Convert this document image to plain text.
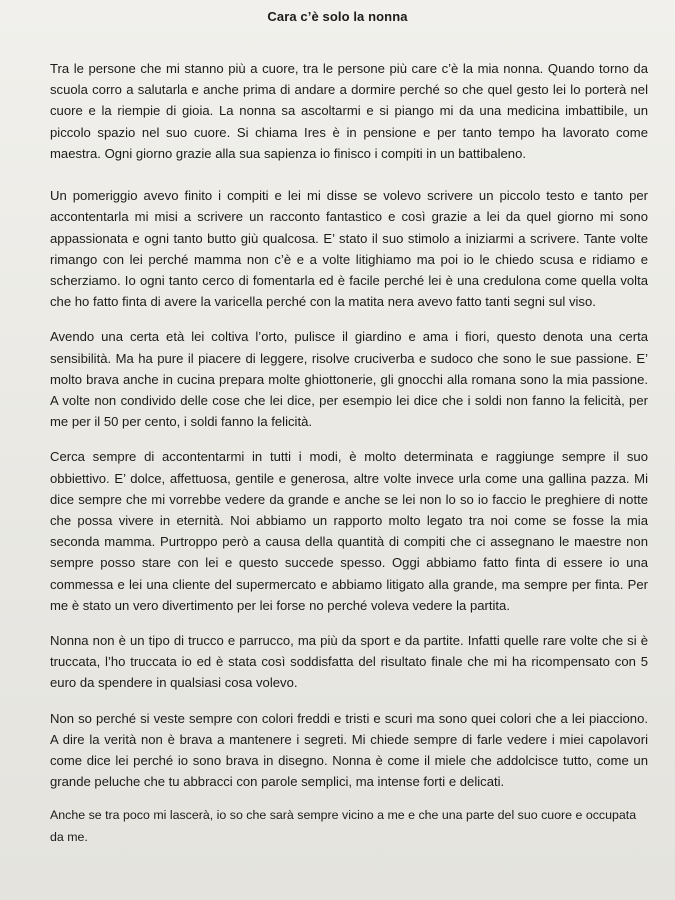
Cara c’è solo la nonna

Tra le persone che mi stanno più a cuore, tra le persone più care c’è la mia nonna. Quando torno da scuola corro a salutarla e anche prima di andare a dormire perché so che quel gesto lei lo porterà nel cuore e la riempie di gioia. La nonna sa ascoltarmi e si piango mi da una medicina imbattibile, un piccolo spazio nel suo cuore. Si chiama Ires è in pensione e per tanto tempo ha lavorato come maestra. Ogni giorno grazie alla sua sapienza io finisco i compiti in un battibaleno.

Un pomeriggio avevo finito i compiti e lei mi disse se volevo scrivere un piccolo testo e tanto per accontentarla mi misi a scrivere un racconto fantastico e così grazie a lei da quel giorno mi sono appassionata e ogni tanto butto giù qualcosa. E’ stato il suo stimolo a iniziarmi a scrivere. Tante volte rimango con lei perché mamma non c’è e a volte litighiamo ma poi io le chiedo scusa e ridiamo e scherziamo. Io ogni tanto cerco di fomentarla ed è facile perché lei è una credulona come quella volta che ho fatto finta di avere la varicella perché con la matita nera avevo fatto tanti segni sul viso.

Avendo una certa età lei coltiva l’orto, pulisce il giardino e ama i fiori, questo denota una certa sensibilità. Ma ha pure il piacere di leggere, risolve cruciverba e sudoco che sono le sue passione. E’ molto brava anche in cucina prepara molte ghiottonerie, gli gnocchi alla romana sono la mia passione. A volte non condivido delle cose che lei dice, per esempio lei dice che i soldi non fanno la felicità, per me per il 50 per cento, i soldi fanno la felicità.

Cerca sempre di accontentarmi in tutti i modi, è molto determinata e raggiunge sempre il suo obbiettivo. E’ dolce, affettuosa, gentile e generosa, altre volte invece urla come una gallina pazza. Mi dice sempre che mi vorrebbe vedere da grande e anche se lei non lo so io faccio le preghiere di notte che possa vivere in eternità. Noi abbiamo un rapporto molto legato tra noi come se fosse la mia seconda mamma. Purtroppo però a causa della quantità di compiti che ci assegnano le maestre non sempre posso stare con lei e questo succede spesso. Oggi abbiamo fatto finta di essere io una commessa e lei una cliente del supermercato e abbiamo litigato alla grande, ma sempre per finta. Per me è stato un vero divertimento per lei forse no perché voleva vedere la partita.

Nonna non è un tipo di trucco e parrucco, ma più da sport e da partite. Infatti quelle rare volte che si è truccata, l’ho truccata io ed è stata così soddisfatta del risultato finale che mi ha ricompensato con 5 euro da spendere in qualsiasi cosa volevo.

Non so perché si veste sempre con colori freddi e tristi e scuri ma sono quei colori che a lei piacciono. A dire la verità non è brava a mantenere i segreti. Mi chiede sempre di farle vedere i miei capolavori come dice lei perché io sono brava in disegno. Nonna è come il miele che addolcisce tutto, come un grande peluche che tu abbracci con parole semplici, ma intense forti e delicati.

Anche se tra poco mi lascerà, io so che sarà sempre vicino a me e che una parte del suo cuore e occupata da me.
